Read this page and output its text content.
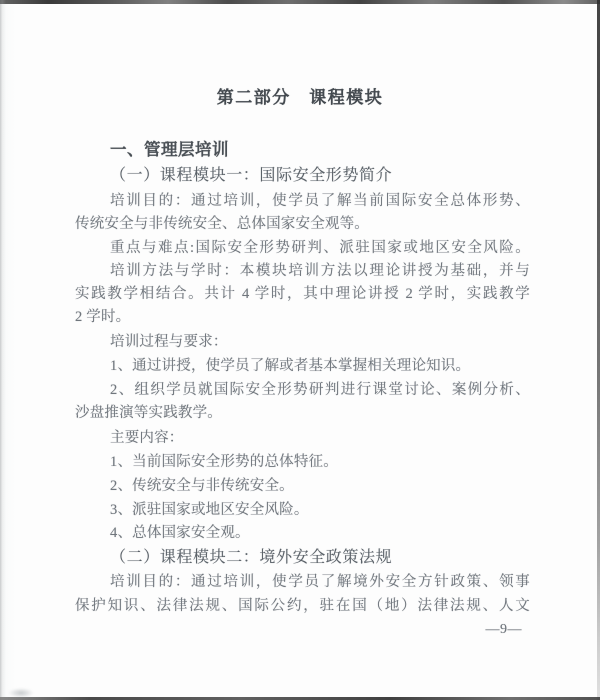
第二部分　课程模块
一、管理层培训
（一）课程模块一：国际安全形势简介
培训目的：通过培训，使学员了解当前国际安全总体形势、
传统安全与非传统安全、总体国家安全观等。
重点与难点:国际安全形势研判、派驻国家或地区安全风险。
培训方法与学时：本模块培训方法以理论讲授为基础，并与
实践教学相结合。共计 4 学时，其中理论讲授 2 学时，实践教学
2 学时。
培训过程与要求：
1、通过讲授，使学员了解或者基本掌握相关理论知识。
2、组织学员就国际安全形势研判进行课堂讨论、案例分析、
沙盘推演等实践教学。
主要内容：
1、当前国际安全形势的总体特征。
2、传统安全与非传统安全。
3、派驻国家或地区安全风险。
4、总体国家安全观。
（二）课程模块二：境外安全政策法规
培训目的：通过培训，使学员了解境外安全方针政策、领事
保护知识、法律法规、国际公约，驻在国（地）法律法规、人文
—9—
